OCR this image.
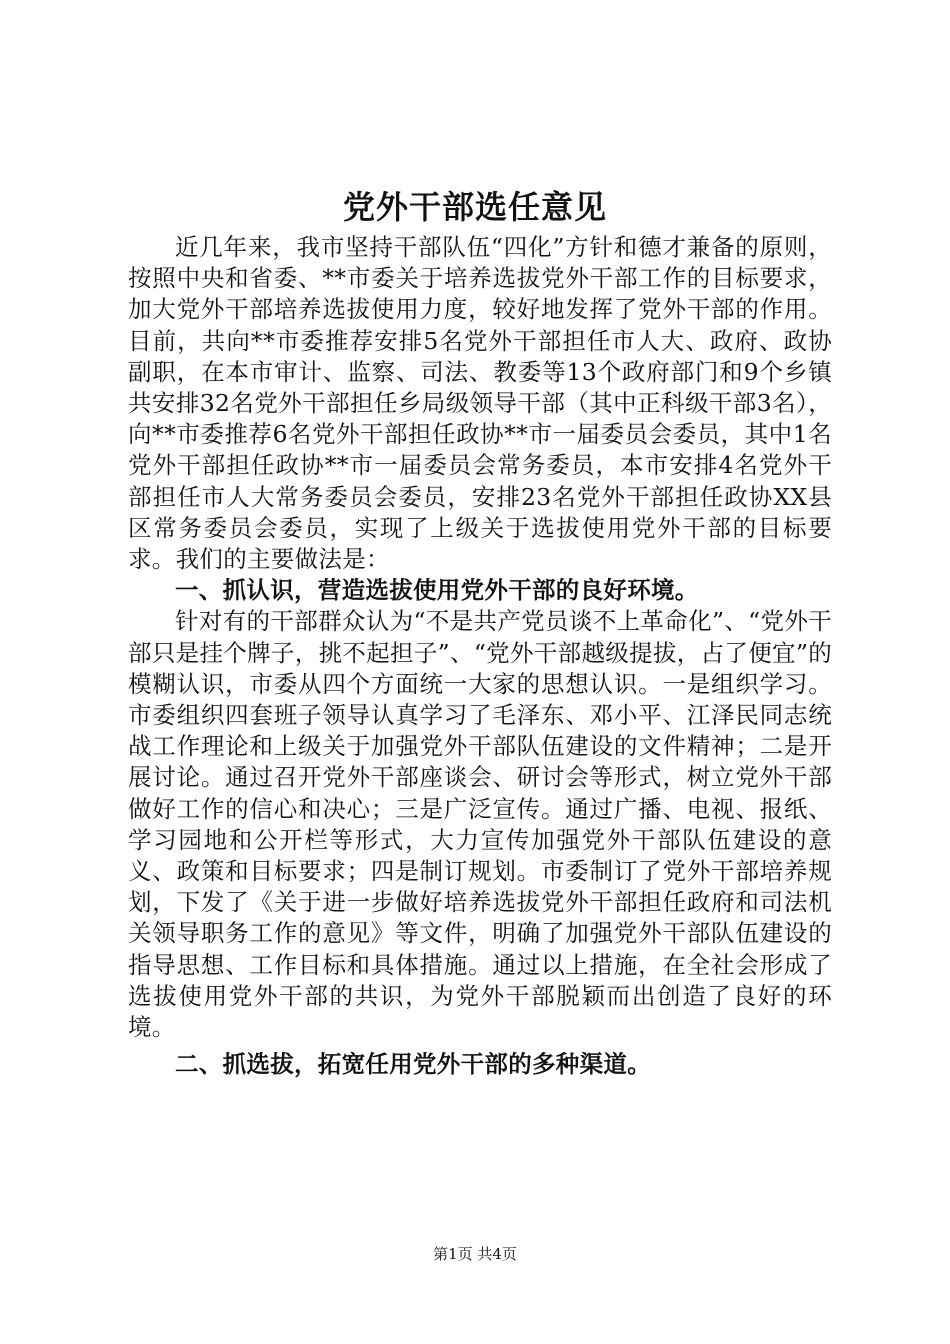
党外干部选任意见

近几年来，我市坚持干部队伍“四化”方针和德才兼备的原则，按照中央和省委、**市委关于培养选拔党外干部工作的目标要求，加大党外干部培养选拔使用力度，较好地发挥了党外干部的作用。目前，共向**市委推荐安排5名党外干部担任市人大、政府、政协副职，在本市审计、监察、司法、教委等13个政府部门和9个乡镇共安排32名党外干部担任乡局级领导干部（其中正科级干部3名），向**市委推荐6名党外干部担任政协**市一届委员会委员，其中1名党外干部担任政协**市一届委员会常务委员，本市安排4名党外干部担任市人大常务委员会委员，安排23名党外干部担任政协XX县区常务委员会委员，实现了上级关于选拔使用党外干部的目标要求。我们的主要做法是：

一、抓认识，营造选拔使用党外干部的良好环境。

针对有的干部群众认为“不是共产党员谈不上革命化”、“党外干部只是挂个牌子，挑不起担子”、“党外干部越级提拔，占了便宜”的模糊认识，市委从四个方面统一大家的思想认识。一是组织学习。市委组织四套班子领导认真学习了毛泽东、邓小平、江泽民同志统战工作理论和上级关于加强党外干部队伍建设的文件精神；二是开展讨论。通过召开党外干部座谈会、研讨会等形式，树立党外干部做好工作的信心和决心；三是广泛宣传。通过广播、电视、报纸、学习园地和公开栏等形式，大力宣传加强党外干部队伍建设的意义、政策和目标要求；四是制订规划。市委制订了党外干部培养规划，下发了《关于进一步做好培养选拔党外干部担任政府和司法机关领导职务工作的意见》等文件，明确了加强党外干部队伍建设的指导思想、工作目标和具体措施。通过以上措施，在全社会形成了选拔使用党外干部的共识，为党外干部脱颖而出创造了良好的环境。

二、抓选拔，拓宽任用党外干部的多种渠道。

第1页 共4页
